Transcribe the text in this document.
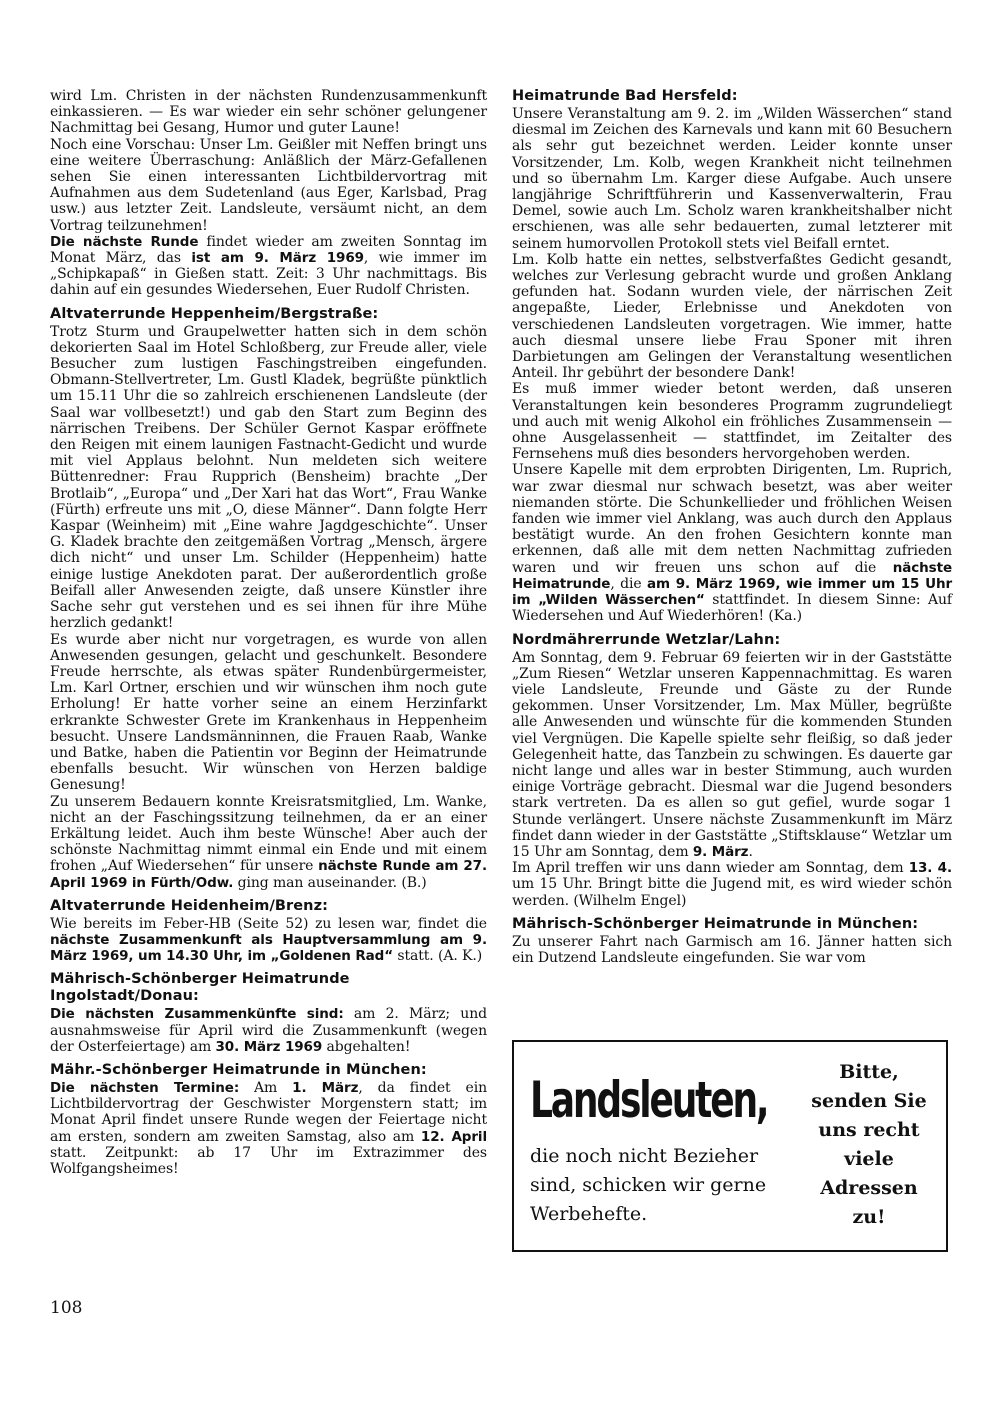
wird Lm. Christen in der nächsten Rundenzusammenkunft einkassieren. — Es war wieder ein sehr schöner gelungener Nachmittag bei Gesang, Humor und guter Laune!

Noch eine Vorschau: Unser Lm. Geißler mit Neffen bringt uns eine weitere Überraschung: Anläßlich der März-Gefallenen sehen Sie einen interessanten Lichtbildervortrag mit Aufnahmen aus dem Sudetenland (aus Eger, Karlsbad, Prag usw.) aus letzter Zeit. Landsleute, versäumt nicht, an dem Vortrag teilzunehmen!

Die nächste Runde findet wieder am zweiten Sonntag im Monat März, das ist am 9. März 1969, wie immer im „Schipkapaß“ in Gießen statt. Zeit: 3 Uhr nachmittags. Bis dahin auf ein gesundes Wiedersehen, Euer Rudolf Christen.

Altvaterrunde Heppenheim/Bergstraße:

Trotz Sturm und Graupelwetter hatten sich in dem schön dekorierten Saal im Hotel Schloßberg, zur Freude aller, viele Besucher zum lustigen Faschingstreiben eingefunden. Obmann-Stellvertreter, Lm. Gustl Kladek, begrüßte pünktlich um 15.11 Uhr die so zahlreich erschienenen Landsleute (der Saal war vollbesetzt!) und gab den Start zum Beginn des närrischen Treibens. Der Schüler Gernot Kaspar eröffnete den Reigen mit einem launigen Fastnacht-Gedicht und wurde mit viel Applaus belohnt. Nun meldeten sich weitere Büttenredner: Frau Rupprich (Bensheim) brachte „Der Brotlaib“, „Europa“ und „Der Xari hat das Wort“, Frau Wanke (Fürth) erfreute uns mit „O, diese Männer“. Dann folgte Herr Kaspar (Weinheim) mit „Eine wahre Jagdgeschichte“. Unser G. Kladek brachte den zeitgemäßen Vortrag „Mensch, ärgere dich nicht“ und unser Lm. Schilder (Heppenheim) hatte einige lustige Anekdoten parat. Der außerordentlich große Beifall aller Anwesenden zeigte, daß unsere Künstler ihre Sache sehr gut verstehen und es sei ihnen für ihre Mühe herzlich gedankt!

Es wurde aber nicht nur vorgetragen, es wurde von allen Anwesenden gesungen, gelacht und geschunkelt. Besondere Freude herrschte, als etwas später Rundenbürgermeister, Lm. Karl Ortner, erschien und wir wünschen ihm noch gute Erholung! Er hatte vorher seine an einem Herzinfarkt erkrankte Schwester Grete im Krankenhaus in Heppenheim besucht. Unsere Landsmänninnen, die Frauen Raab, Wanke und Batke, haben die Patientin vor Beginn der Heimatrunde ebenfalls besucht. Wir wünschen von Herzen baldige Genesung!

Zu unserem Bedauern konnte Kreisratsmitglied, Lm. Wanke, nicht an der Faschingssitzung teilnehmen, da er an einer Erkältung leidet. Auch ihm beste Wünsche! Aber auch der schönste Nachmittag nimmt einmal ein Ende und mit einem frohen „Auf Wiedersehen“ für unsere nächste Runde am 27. April 1969 in Fürth/Odw. ging man auseinander. (B.)

Altvaterrunde Heidenheim/Brenz:

Wie bereits im Feber-HB (Seite 52) zu lesen war, findet die nächste Zusammenkunft als Hauptversammlung am 9. März 1969, um 14.30 Uhr, im „Goldenen Rad“ statt. (A. K.)

Mährisch-Schönberger Heimatrunde Ingolstadt/Donau:

Die nächsten Zusammenkünfte sind: am 2. März; und ausnahmsweise für April wird die Zusammenkunft (wegen der Osterfeiertage) am 30. März 1969 abgehalten!

Mähr.-Schönberger Heimatrunde in München:

Die nächsten Termine: Am 1. März, da findet ein Lichtbildervortrag der Geschwister Morgenstern statt; im Monat April findet unsere Runde wegen der Feiertage nicht am ersten, sondern am zweiten Samstag, also am 12. April statt. Zeitpunkt: ab 17 Uhr im Extrazimmer des Wolfgangsheimes!

Heimatrunde Bad Hersfeld:

Unsere Veranstaltung am 9. 2. im „Wilden Wässerchen“ stand diesmal im Zeichen des Karnevals und kann mit 60 Besuchern als sehr gut bezeichnet werden. Leider konnte unser Vorsitzender, Lm. Kolb, wegen Krankheit nicht teilnehmen und so übernahm Lm. Karger diese Aufgabe. Auch unsere langjährige Schriftführerin und Kassenverwalterin, Frau Demel, sowie auch Lm. Scholz waren krankheitshalber nicht erschienen, was alle sehr bedauerten, zumal letzterer mit seinem humorvollen Protokoll stets viel Beifall erntet.

Lm. Kolb hatte ein nettes, selbstverfaßtes Gedicht gesandt, welches zur Verlesung gebracht wurde und großen Anklang gefunden hat. Sodann wurden viele, der närrischen Zeit angepaßte, Lieder, Erlebnisse und Anekdoten von verschiedenen Landsleuten vorgetragen. Wie immer, hatte auch diesmal unsere liebe Frau Sponer mit ihren Darbietungen am Gelingen der Veranstaltung wesentlichen Anteil. Ihr gebührt der besondere Dank!

Es muß immer wieder betont werden, daß unseren Veranstaltungen kein besonderes Programm zugrundeliegt und auch mit wenig Alkohol ein fröhliches Zusammensein — ohne Ausgelassenheit — stattfindet, im Zeitalter des Fernsehens muß dies besonders hervorgehoben werden.

Unsere Kapelle mit dem erprobten Dirigenten, Lm. Ruprich, war zwar diesmal nur schwach besetzt, was aber weiter niemanden störte. Die Schunkellieder und fröhlichen Weisen fanden wie immer viel Anklang, was auch durch den Applaus bestätigt wurde. An den frohen Gesichtern konnte man erkennen, daß alle mit dem netten Nachmittag zufrieden waren und wir freuen uns schon auf die nächste Heimatrunde, die am 9. März 1969, wie immer um 15 Uhr im „Wilden Wässerchen“ stattfindet. In diesem Sinne: Auf Wiedersehen und Auf Wiederhören! (Ka.)

Nordmährerrunde Wetzlar/Lahn:

Am Sonntag, dem 9. Februar 69 feierten wir in der Gaststätte „Zum Riesen“ Wetzlar unseren Kappennachmittag. Es waren viele Landsleute, Freunde und Gäste zu der Runde gekommen. Unser Vorsitzender, Lm. Max Müller, begrüßte alle Anwesenden und wünschte für die kommenden Stunden viel Vergnügen. Die Kapelle spielte sehr fleißig, so daß jeder Gelegenheit hatte, das Tanzbein zu schwingen. Es dauerte gar nicht lange und alles war in bester Stimmung, auch wurden einige Vorträge gebracht. Diesmal war die Jugend besonders stark vertreten. Da es allen so gut gefiel, wurde sogar 1 Stunde verlängert. Unsere nächste Zusammenkunft im März findet dann wieder in der Gaststätte „Stiftsklause“ Wetzlar um 15 Uhr am Sonntag, dem 9. März.

Im April treffen wir uns dann wieder am Sonntag, dem 13. 4. um 15 Uhr. Bringt bitte die Jugend mit, es wird wieder schön werden. (Wilhelm Engel)

Mährisch-Schönberger Heimatrunde in München:

Zu unserer Fahrt nach Garmisch am 16. Jänner hatten sich ein Dutzend Landsleute eingefunden. Sie war vom

Landsleuten,
die noch nicht Bezieher sind, schicken wir gerne Werbehefte.
Bitte, senden Sie uns recht viele Adressen zu!
108
